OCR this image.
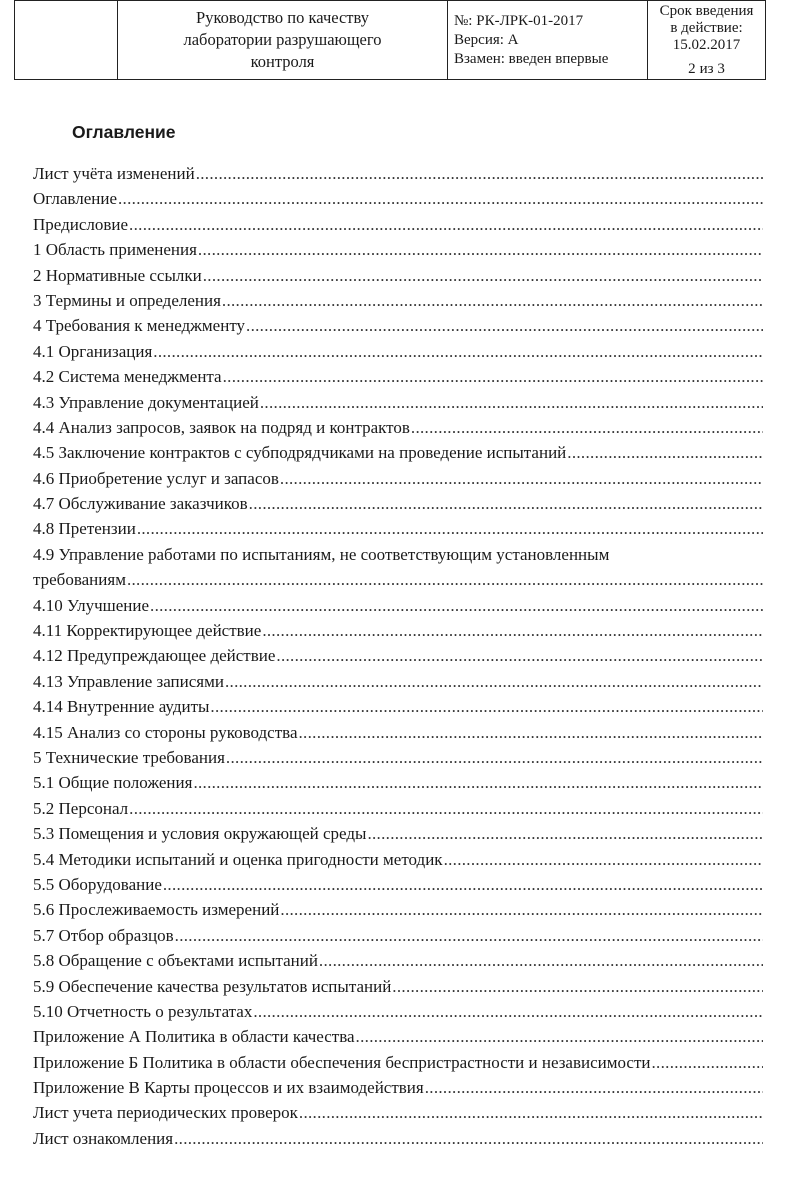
Руководство по качеству
лаборатории разрушающего
контроля

№: РК-ЛРК-01-2017
Версия: А
Взамен: введен впервые

Срок введения
в действие:
15.02.2017
2 из 3
Оглавление
Лист учёта изменений
.....
Оглавление
.....
Предисловие
.....
1 Область применения
.....
2 Нормативные ссылки
.....
3 Термины и определения
.....
4 Требования к менеджменту
.....
4.1 Организация
.....
4.2 Система менеджмента
.....
4.3 Управление документацией
.....
4.4 Анализ запросов, заявок на подряд и контрактов
.....
4.5 Заключение контрактов с субподрядчиками на проведение испытаний
.....
4.6 Приобретение услуг и запасов
.....
4.7 Обслуживание заказчиков
.....
4.8 Претензии
.....
4.9 Управление работами по испытаниям, не соответствующим установленным
требованиям
.....
4.10 Улучшение
.....
4.11 Корректирующее действие
.....
4.12 Предупреждающее действие
.....
4.13 Управление записями
.....
4.14 Внутренние аудиты
.....
4.15 Анализ со стороны руководства
.....
5 Технические требования
.....
5.1 Общие положения
.....
5.2 Персонал
.....
5.3 Помещения и условия окружающей среды
.....
5.4 Методики испытаний и оценка пригодности методик
.....
5.5 Оборудование
.....
5.6 Прослеживаемость измерений
.....
5.7 Отбор образцов
.....
5.8 Обращение с объектами испытаний
.....
5.9 Обеспечение качества результатов испытаний
.....
5.10 Отчетность о результатах
.....
Приложение А Политика в области качества
.....
Приложение Б Политика в области обеспечения беспристрастности и независимости
.....
Приложение В Карты процессов и их взаимодействия
.....
Лист учета периодических проверок
.....
Лист ознакомления
.....
